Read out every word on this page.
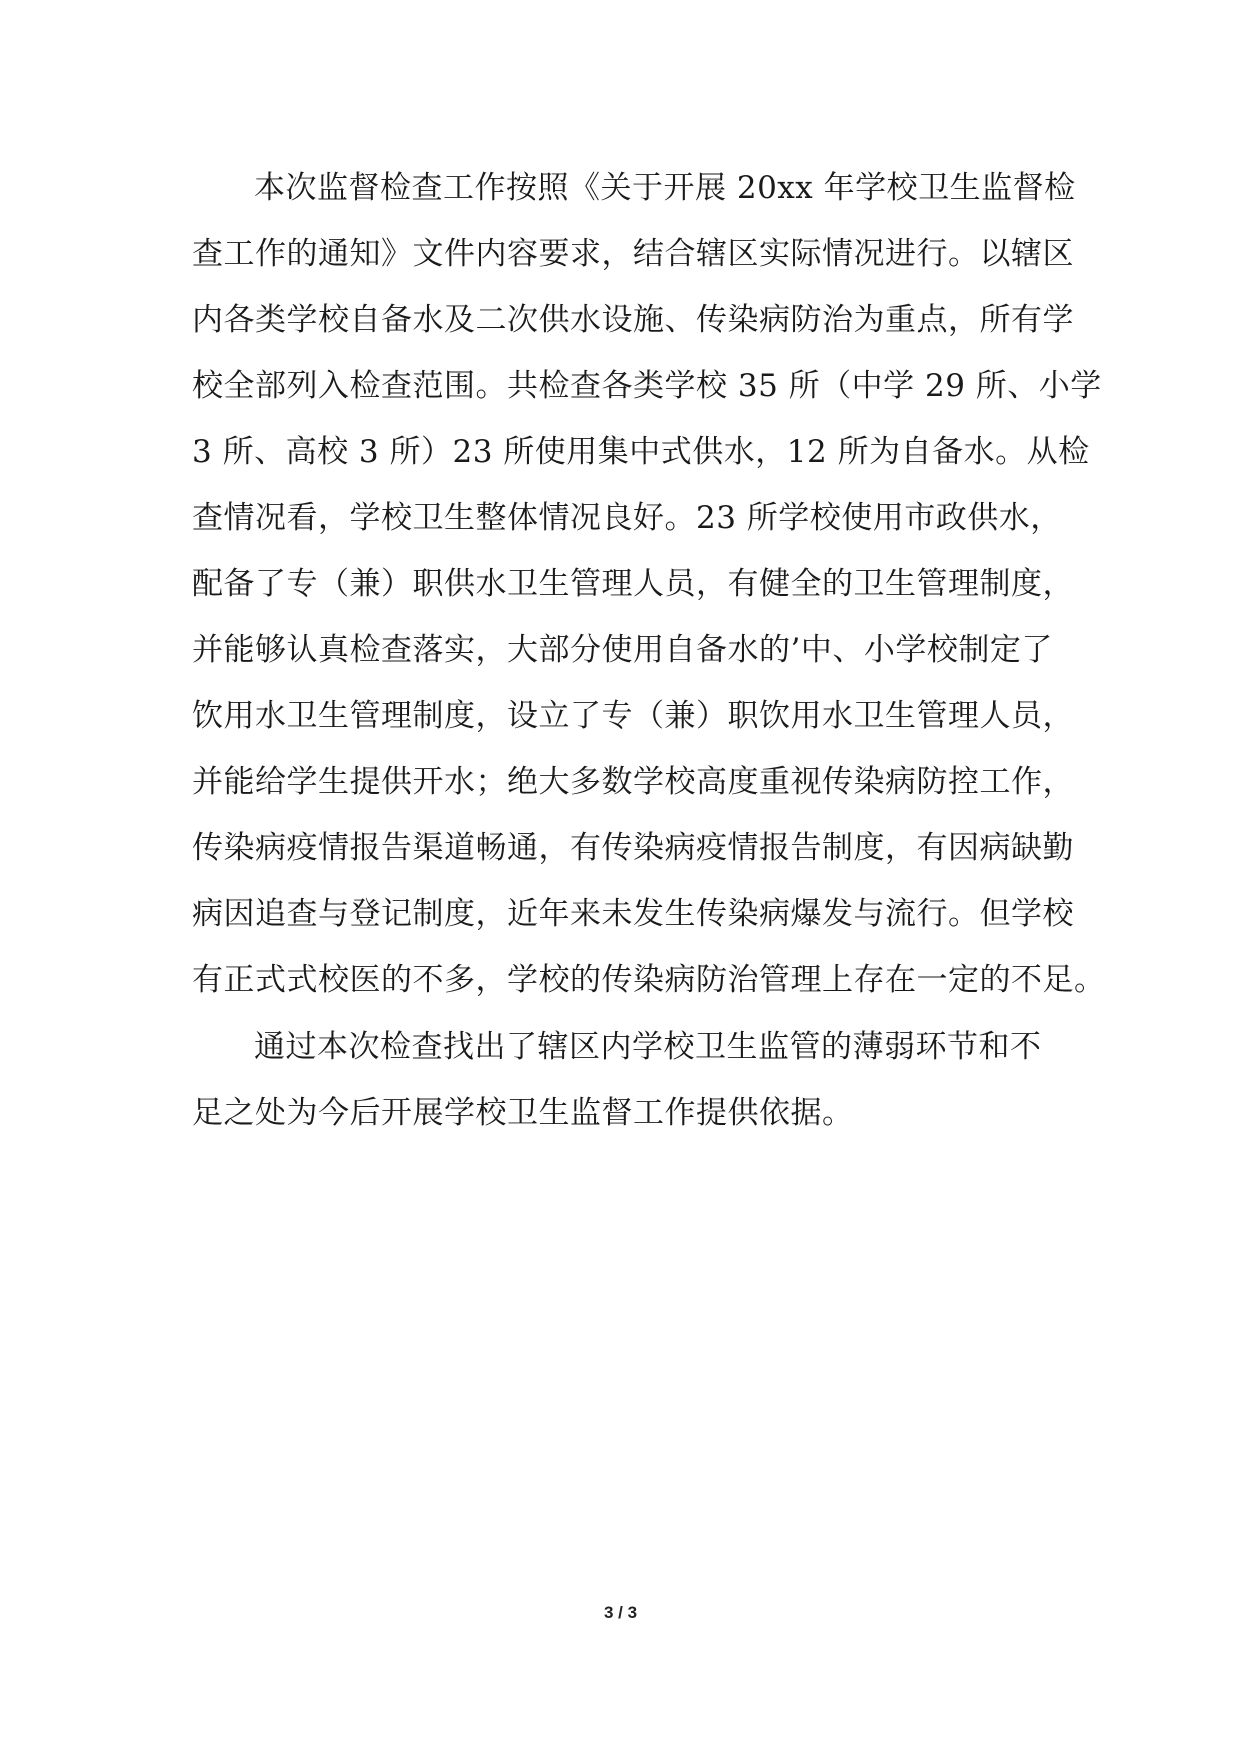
本次监督检查工作按照《关于开展 20xx 年学校卫生监督检
查工作的通知》文件内容要求，结合辖区实际情况进行。以辖区
内各类学校自备水及二次供水设施、传染病防治为重点，所有学
校全部列入检查范围。共检查各类学校 35 所（中学 29 所、小学
3 所、高校 3 所）23 所使用集中式供水，12 所为自备水。从检
查情况看，学校卫生整体情况良好。23 所学校使用市政供水，
配备了专（兼）职供水卫生管理人员，有健全的卫生管理制度，
并能够认真检查落实，大部分使用自备水的’中、小学校制定了
饮用水卫生管理制度，设立了专（兼）职饮用水卫生管理人员，
并能给学生提供开水；绝大多数学校高度重视传染病防控工作，
传染病疫情报告渠道畅通，有传染病疫情报告制度，有因病缺勤
病因追查与登记制度，近年来未发生传染病爆发与流行。但学校
有正式式校医的不多，学校的传染病防治管理上存在一定的不足。
通过本次检查找出了辖区内学校卫生监管的薄弱环节和不
足之处为今后开展学校卫生监督工作提供依据。
3 / 3
